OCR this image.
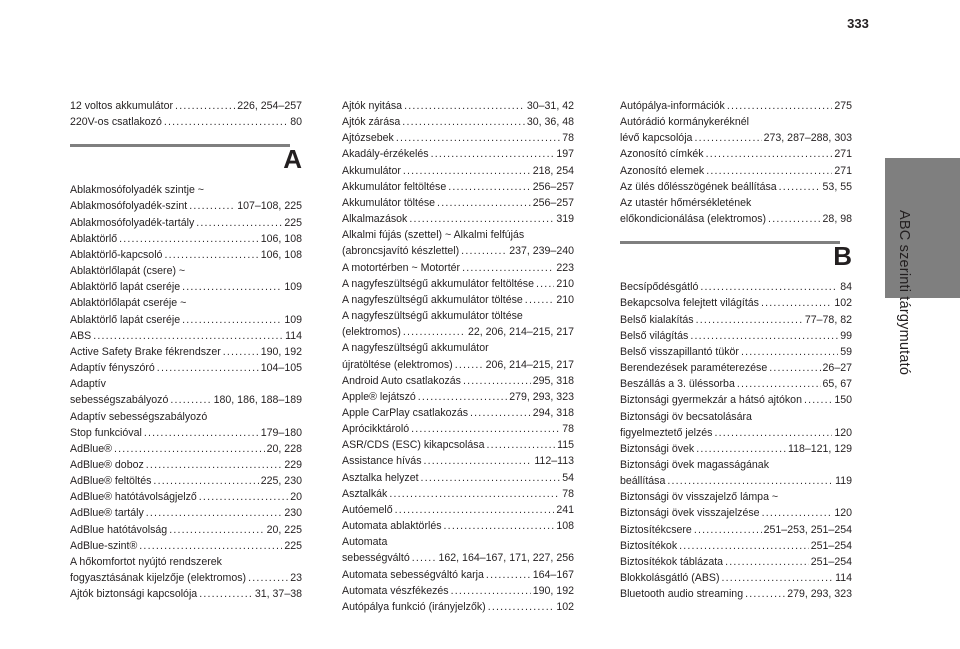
333
ABC szerinti tárgymutató
12 voltos akkumulátor .....	226, 254–257
220V-os csatlakozó .....	80
A
Ablakmosófolyadék szintje ~
Ablakmosófolyadék-szint .....	107–108, 225
Ablakmosófolyadék-tartály .....	225
Ablaktörlő .....	106, 108
Ablaktörlő-kapcsoló .....	106, 108
Ablaktörlőlapát (csere) ~
Ablaktörlő lapát cseréje .....	109
Ablaktörlőlapát cseréje ~
Ablaktörlő lapát cseréje .....	109
ABS .....	114
Active Safety Brake fékrendszer .....	190, 192
Adaptív fényszóró .....	104–105
Adaptív
sebességszabályozó .....	180, 186, 188–189
Adaptív sebességszabályozó
Stop funkcióval .....	179–180
AdBlue® .....	20, 228
AdBlue® doboz .....	229
AdBlue® feltöltés .....	225, 230
AdBlue® hatótávolságjelző .....	20
AdBlue® tartály .....	230
AdBlue hatótávolság .....	20, 225
AdBlue-szint® .....	225
A hőkomfortot nyújtó rendszerek
fogyasztásának kijelzője (elektromos) .....	23
Ajtók biztonsági kapcsolója .....	31, 37–38
Ajtók nyitása .....	30–31, 42
Ajtók zárása .....	30, 36, 48
Ajtózsebek .....	78
Akadály-érzékelés .....	197
Akkumulátor .....	218, 254
Akkumulátor feltöltése .....	256–257
Akkumulátor töltése .....	256–257
Alkalmazások .....	319
Alkalmi fújás (szettel) ~ Alkalmi felfújás
(abroncsjavító készlettel) .....	237, 239–240
A motortérben ~ Motortér .....	223
A nagyfeszültségű akkumulátor feltöltése ..... 210
A nagyfeszültségű akkumulátor töltése .....	210
A nagyfeszültségű akkumulátor töltése
(elektromos) .....	22, 206, 214–215, 217
A nagyfeszültségű akkumulátor
újratöltése (elektromos) .....	206, 214–215, 217
Android Auto csatlakozás .....	295, 318
Apple® lejátszó .....	279, 293, 323
Apple CarPlay csatlakozás .....	294, 318
Aprócikktároló .....	78
ASR/CDS (ESC) kikapcsolása .....	115
Assistance hívás .....	112–113
Asztalka helyzet .....	54
Asztalkák .....	78
Autóemelő .....	241
Automata ablaktörlés .....	108
Automata
sebességváltó .....	162, 164–167, 171, 227, 256
Automata sebességváltó karja .....	164–167
Automata vészfékezés .....	190, 192
Autópálya funkció (irányjelzők) .....	102
Autópálya-információk .....	275
Autórádió kormánykeréknél
lévő kapcsolója .....	273, 287–288, 303
Azonosító címkék .....	271
Azonosító elemek .....	271
Az ülés dőlésszögének beállítása .....	53, 55
Az utastér hőmérsékletének
előkondicionálása (elektromos) .....	28, 98
B
Becsípődésgátló .....	84
Bekapcsolva felejtett világítás .....	102
Belső kialakítás .....	77–78, 82
Belső világítás .....	99
Belső visszapillantó tükör .....	59
Berendezések paraméterezése .....	26–27
Beszállás a 3. üléssorba .....	65, 67
Biztonsági gyermekzár a hátsó ajtókon .....	150
Biztonsági öv becsatolására
figyelmeztető jelzés .....	120
Biztonsági övek .....	118–121, 129
Biztonsági övek magasságának
beállítása .....	119
Biztonsági öv visszajelző lámpa ~
Biztonsági övek visszajelzése .....	120
Biztosítékcsere .....	251–253, 251–254
Biztosítékok .....	251–254
Biztosítékok táblázata .....	251–254
Blokkolásgátló (ABS) .....	114
Bluetooth audio streaming .....	279, 293, 323
